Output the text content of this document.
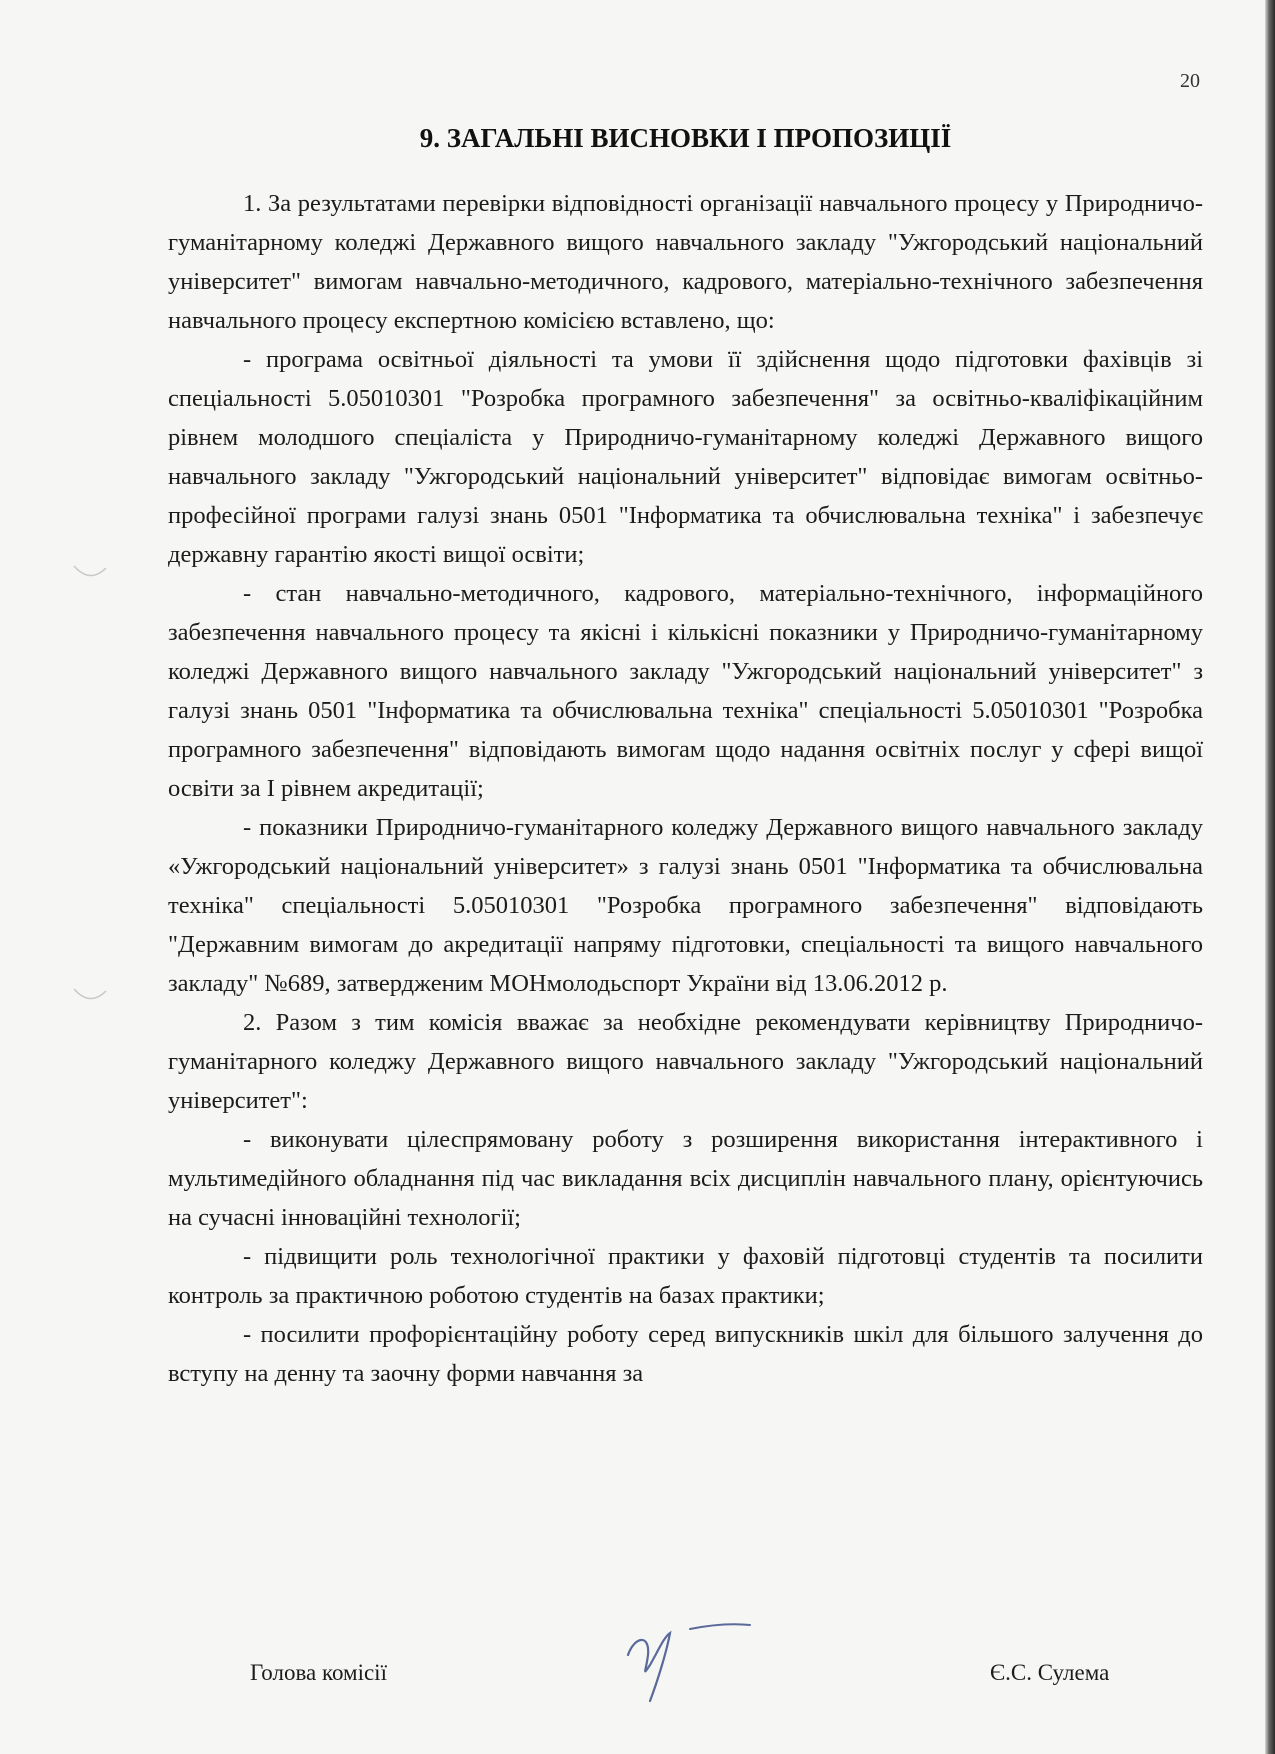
20
9. ЗАГАЛЬНІ ВИСНОВКИ І ПРОПОЗИЦІЇ

1. За результатами перевірки відповідності організації навчального процесу у Природничо-гуманітарному коледжі Державного вищого навчального закладу "Ужгородський національний університет" вимогам навчально-методичного, кадрового, матеріально-технічного забезпечення навчального процесу експертною комісією вставлено, що:

- програма освітньої діяльності та умови її здійснення щодо підготовки фахівців зі спеціальності 5.05010301 "Розробка програмного забезпечення" за освітньо-кваліфікаційним рівнем молодшого спеціаліста у Природничо-гуманітарному коледжі Державного вищого навчального закладу "Ужгородський національний університет" відповідає вимогам освітньо-професійної програми галузі знань 0501 "Інформатика та обчислювальна техніка" і забезпечує державну гарантію якості вищої освіти;

- стан навчально-методичного, кадрового, матеріально-технічного, інформаційного забезпечення навчального процесу та якісні і кількісні показники у Природничо-гуманітарному коледжі Державного вищого навчального закладу "Ужгородський національний університет" з галузі знань 0501 "Інформатика та обчислювальна техніка" спеціальності 5.05010301 "Розробка програмного забезпечення" відповідають вимогам щодо надання освітніх послуг у сфері вищої освіти за І рівнем акредитації;

- показники Природничо-гуманітарного коледжу Державного вищого навчального закладу «Ужгородський національний університет» з галузі знань 0501 "Інформатика та обчислювальна техніка" спеціальності 5.05010301 "Розробка програмного забезпечення" відповідають "Державним вимогам до акредитації напряму підготовки, спеціальності та вищого навчального закладу" №689, затвердженим МОНмолодьспорт України від 13.06.2012 р.

2. Разом з тим комісія вважає за необхідне рекомендувати керівництву Природничо-гуманітарного коледжу Державного вищого навчального закладу "Ужгородський національний університет":

- виконувати цілеспрямовану роботу з розширення використання інтерактивного і мультимедійного обладнання під час викладання всіх дисциплін навчального плану, орієнтуючись на сучасні інноваційні технології;

- підвищити роль технологічної практики у фаховій підготовці студентів та посилити контроль за практичною роботою студентів на базах практики;

- посилити профорієнтаційну роботу серед випускників шкіл для більшого залучення до вступу на денну та заочну форми навчання за

Голова комісії	Є.С. Сулема
